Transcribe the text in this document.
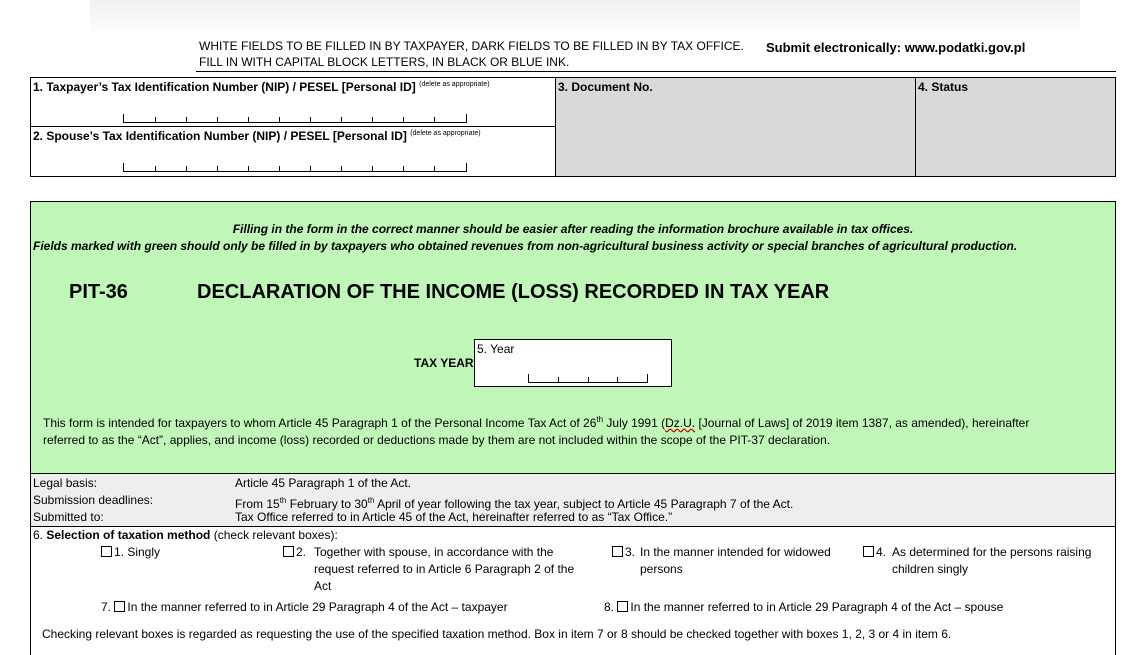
WHITE FIELDS TO BE FILLED IN BY TAXPAYER, DARK FIELDS TO BE FILLED IN BY TAX OFFICE.
FILL IN WITH CAPITAL BLOCK LETTERS, IN BLACK OR BLUE INK.
Submit electronically: www.podatki.gov.pl
1. Taxpayer’s Tax Identification Number (NIP) / PESEL [Personal ID] $^{(delete as appropriate)}$
2. Spouse’s Tax Identification Number (NIP) / PESEL [Personal ID] $^{(delete as appropriate)}$
3. Document No.	4. Status
Filling in the form in the correct manner should be easier after reading the information brochure available in tax offices.
Fields marked with green should only be filled in by taxpayers who obtained revenues from non-agricultural business activity or special branches of agricultural production.
PIT-36	DECLARATION OF THE INCOME (LOSS) RECORDED IN TAX YEAR
TAX YEAR
5. Year
This form is intended for taxpayers to whom Article 45 Paragraph 1 of the Personal Income Tax Act of 26th July 1991 (Dz.U. [Journal of Laws] of 2019 item 1387, as amended), hereinafter
referred to as the “Act”, applies, and income (loss) recorded or deductions made by them are not included within the scope of the PIT-37 declaration.
Legal basis:	Article 45 Paragraph 1 of the Act.
Submission deadlines:	From 15th February to 30th April of year following the tax year, subject to Article 45 Paragraph 7 of the Act.
Submitted to:	Tax Office referred to in Article 45 of the Act, hereinafter referred to as “Tax Office.”
6. Selection of taxation method (check relevant boxes):
1. Singly	2. Together with spouse, in accordance with the
request referred to in Article 6 Paragraph 2 of the
Act
3. In the manner intended for widowed
persons
4. As determined for the persons raising
children singly
7. In the manner referred to in Article 29 Paragraph 4 of the Act – taxpayer	8. In the manner referred to in Article 29 Paragraph 4 of the Act – spouse
Checking relevant boxes is regarded as requesting the use of the specified taxation method. Box in item 7 or 8 should be checked together with boxes 1, 2, 3 or 4 in item 6.
